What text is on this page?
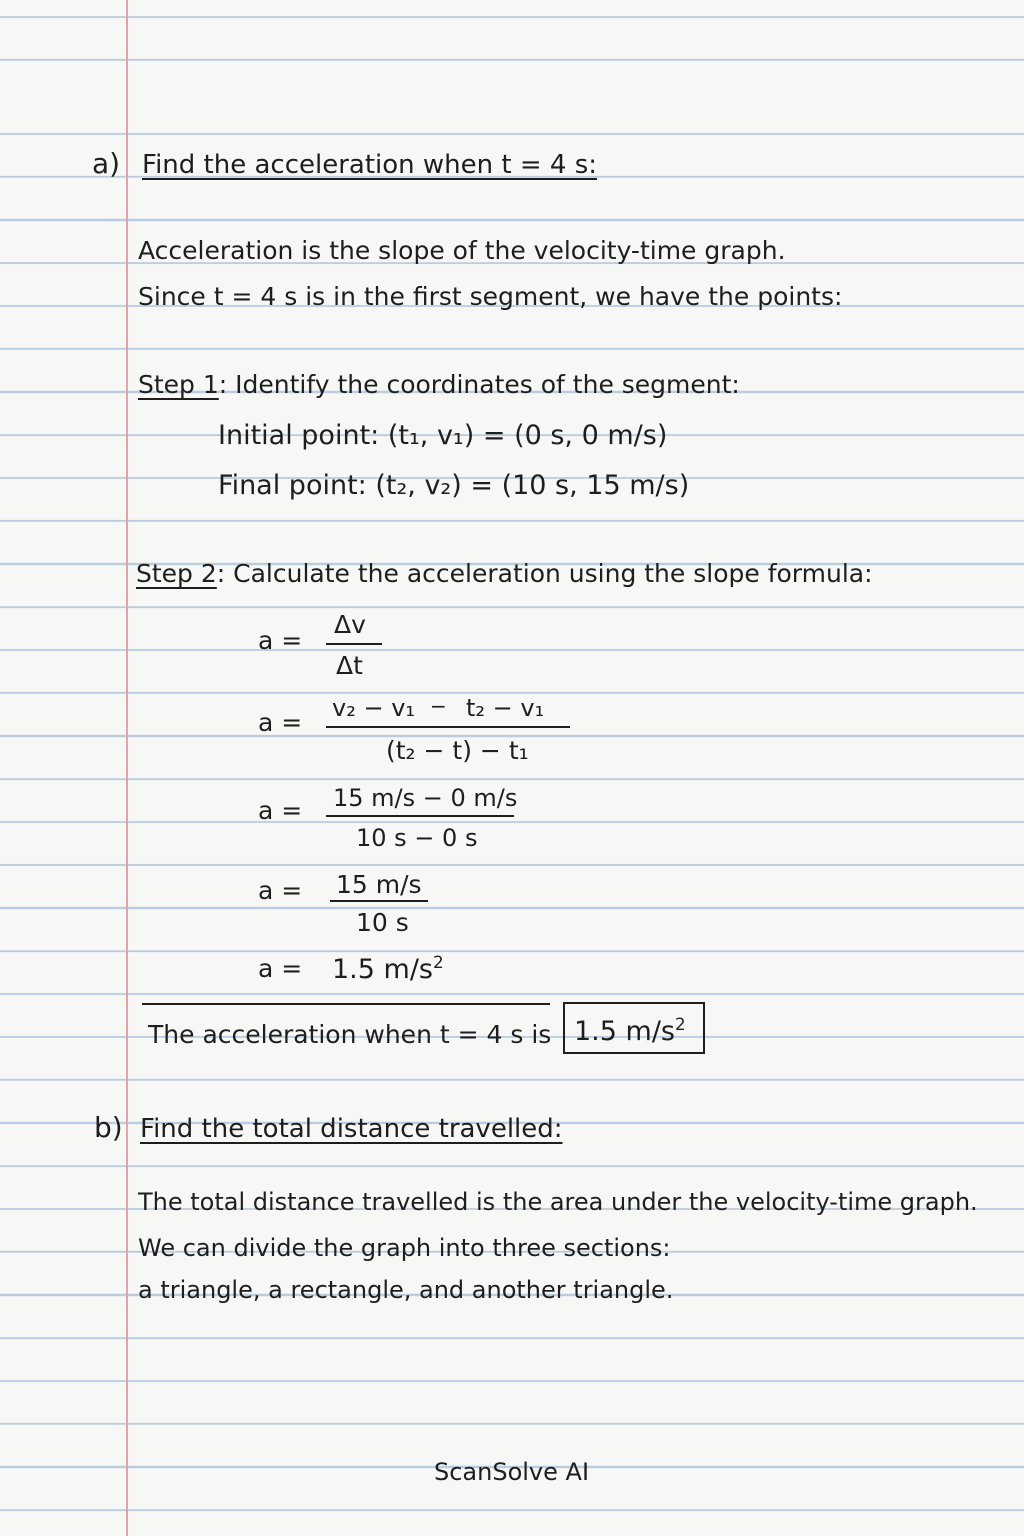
a) Find the acceleration when t = 4 s:
Acceleration is the slope of the velocity-time graph.
Since t = 4 s is in the first segment, we have the points:
Step 1: Identify the coordinates of the segment:
Initial point: (t₁, v₁) = (0 s, 0 m/s)
Final point: (t₂, v₂) = (10 s, 15 m/s)
Step 2: Calculate the acceleration using the slope formula:
a =
Δv
Δt
a = v₂ − v₁ − t₂ − v₁
(t₂ − t) − t₁
a = 15 m/s − 0 m/s
10 s − 0 s
a = 15 m/s
10 s
a = 1.5 $m/s^2$
The acceleration when t = 4 s is 1.5 $m/s^2$
b) Find the total distance travelled:
The total distance travelled is the area under the velocity-time graph.
We can divide the graph into three sections:
a triangle, a rectangle, and another triangle.
ScanSolve AI
